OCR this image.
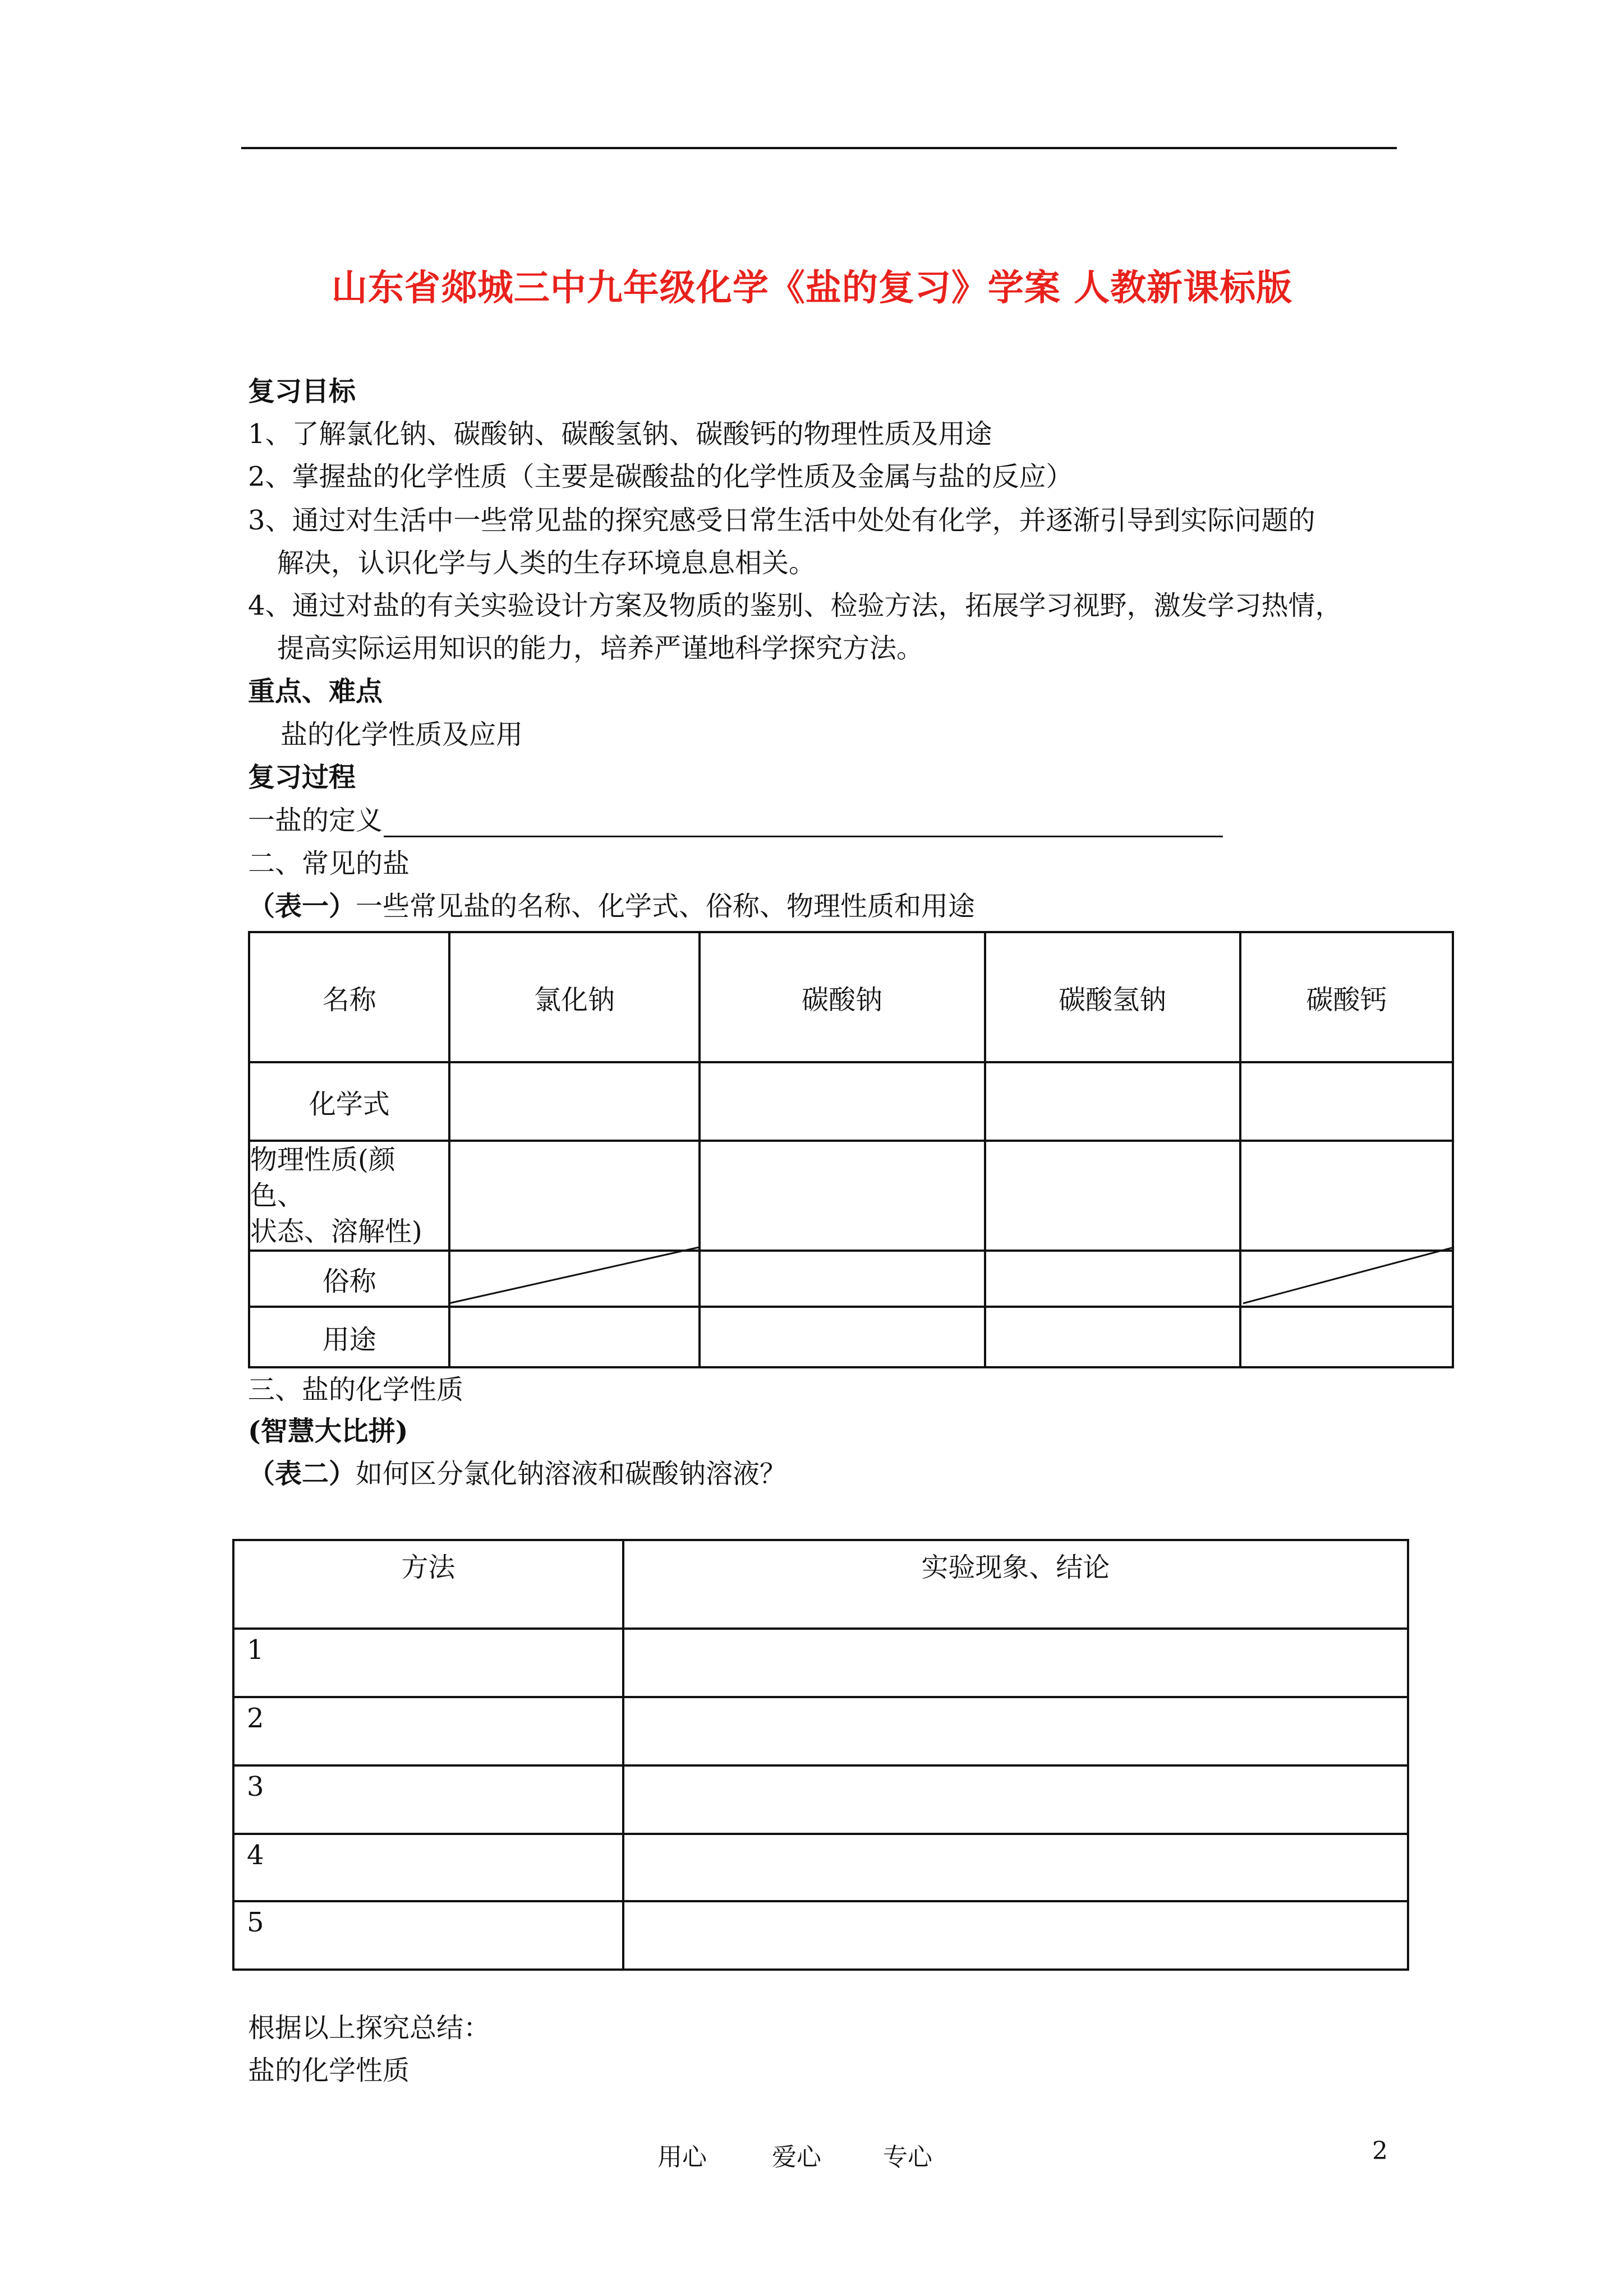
山东省郯城三中九年级化学《盐的复习》学案 人教新课标版
复习目标
1、了解氯化钠、碳酸钠、碳酸氢钠、碳酸钙的物理性质及用途
2、掌握盐的化学性质（主要是碳酸盐的化学性质及金属与盐的反应）
3、通过对生活中一些常见盐的探究感受日常生活中处处有化学，并逐渐引导到实际问题的
解决，认识化学与人类的生存环境息息相关。
4、通过对盐的有关实验设计方案及物质的鉴别、检验方法，拓展学习视野，激发学习热情，
提高实际运用知识的能力，培养严谨地科学探究方法。
重点、难点
盐的化学性质及应用
复习过程
一盐的定义
二、常见的盐
（表一）一些常见盐的名称、化学式、俗称、物理性质和用途
名称	氯化钠	碳酸钠	碳酸氢钠	碳酸钙
化学式				

物理性质(颜色、
状态、溶解性)				

俗称				
用途				
三、盐的化学性质
(智慧大比拼)
（表二）如何区分氯化钠溶液和碳酸钠溶液？
方法	实验现象、结论
1	
2	
3	
4	
5	
根据以上探究总结：
盐的化学性质
用心	爱心	专心	2
